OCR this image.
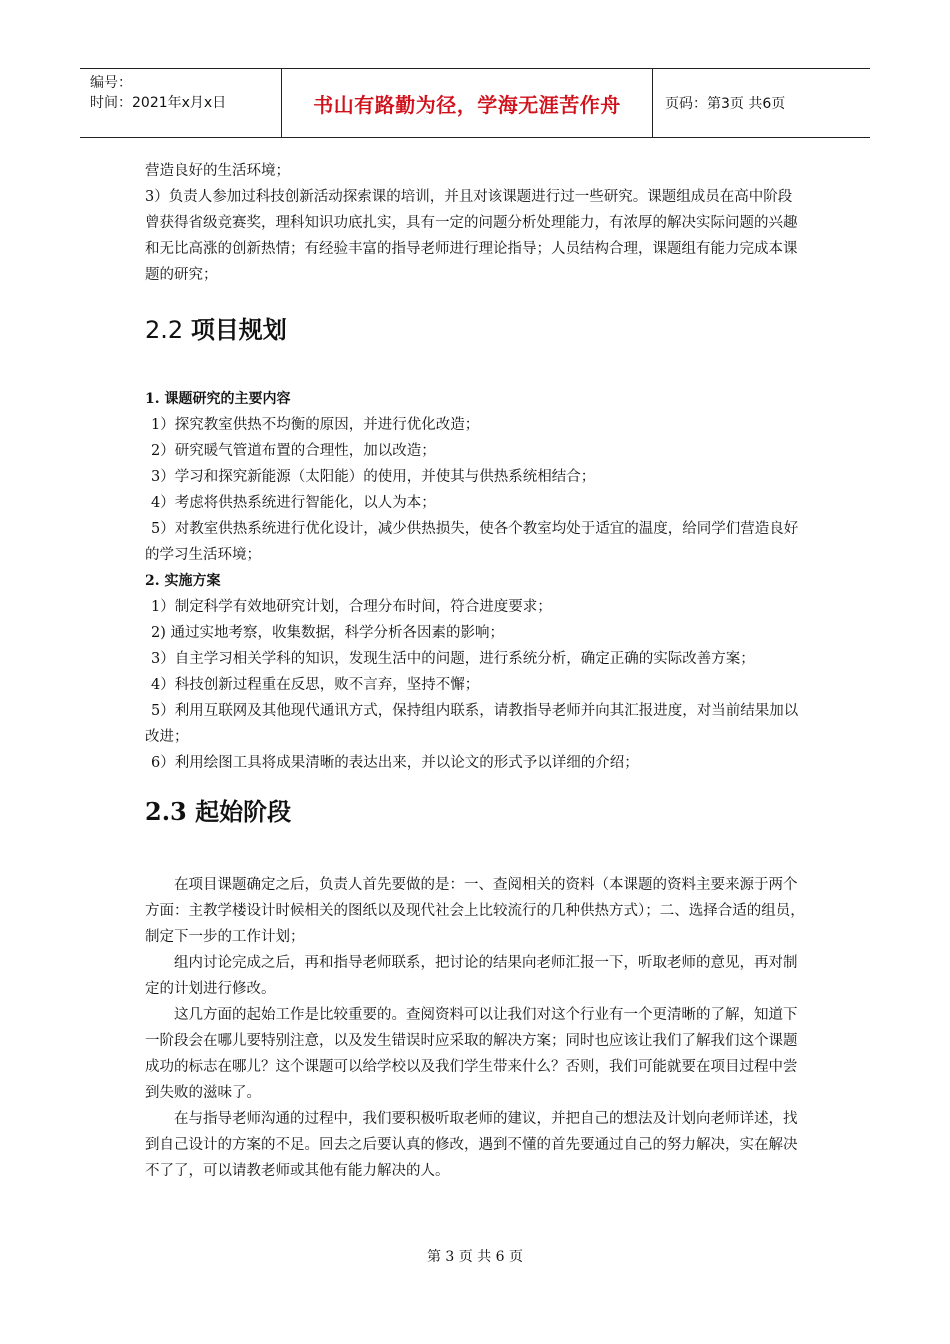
编号：
时间：2021年x月x日	书山有路勤为径，学海无涯苦作舟	页码：第3页 共6页

营造良好的生活环境；

3）负责人参加过科技创新活动探索课的培训，并且对该课题进行过一些研究。课题组成员在高中阶段曾获得省级竞赛奖，理科知识功底扎实，具有一定的问题分析处理能力，有浓厚的解决实际问题的兴趣和无比高涨的创新热情；有经验丰富的指导老师进行理论指导；人员结构合理，课题组有能力完成本课题的研究；

2.2 项目规划

1. 课题研究的主要内容

1）探究教室供热不均衡的原因，并进行优化改造；

2）研究暖气管道布置的合理性，加以改造；

3）学习和探究新能源（太阳能）的使用，并使其与供热系统相结合；

4）考虑将供热系统进行智能化，以人为本；

5）对教室供热系统进行优化设计，减少供热损失，使各个教室均处于适宜的温度，给同学们营造良好的学习生活环境；

2. 实施方案

1）制定科学有效地研究计划，合理分布时间，符合进度要求；

2) 通过实地考察，收集数据，科学分析各因素的影响；

3）自主学习相关学科的知识，发现生活中的问题，进行系统分析，确定正确的实际改善方案；

4）科技创新过程重在反思，败不言弃，坚持不懈；

5）利用互联网及其他现代通讯方式，保持组内联系，请教指导老师并向其汇报进度，对当前结果加以改进；

6）利用绘图工具将成果清晰的表达出来，并以论文的形式予以详细的介绍；

2.3 起始阶段

在项目课题确定之后，负责人首先要做的是：一、查阅相关的资料（本课题的资料主要来源于两个方面：主教学楼设计时候相关的图纸以及现代社会上比较流行的几种供热方式）；二、选择合适的组员，制定下一步的工作计划；

组内讨论完成之后，再和指导老师联系，把讨论的结果向老师汇报一下，听取老师的意见，再对制定的计划进行修改。

这几方面的起始工作是比较重要的。查阅资料可以让我们对这个行业有一个更清晰的了解，知道下一阶段会在哪儿要特别注意，以及发生错误时应采取的解决方案；同时也应该让我们了解我们这个课题成功的标志在哪儿？这个课题可以给学校以及我们学生带来什么？否则，我们可能就要在项目过程中尝到失败的滋味了。

在与指导老师沟通的过程中，我们要积极听取老师的建议，并把自己的想法及计划向老师详述，找到自己设计的方案的不足。回去之后要认真的修改，遇到不懂的首先要通过自己的努力解决，实在解决不了了，可以请教老师或其他有能力解决的人。

第 3 页 共 6 页
